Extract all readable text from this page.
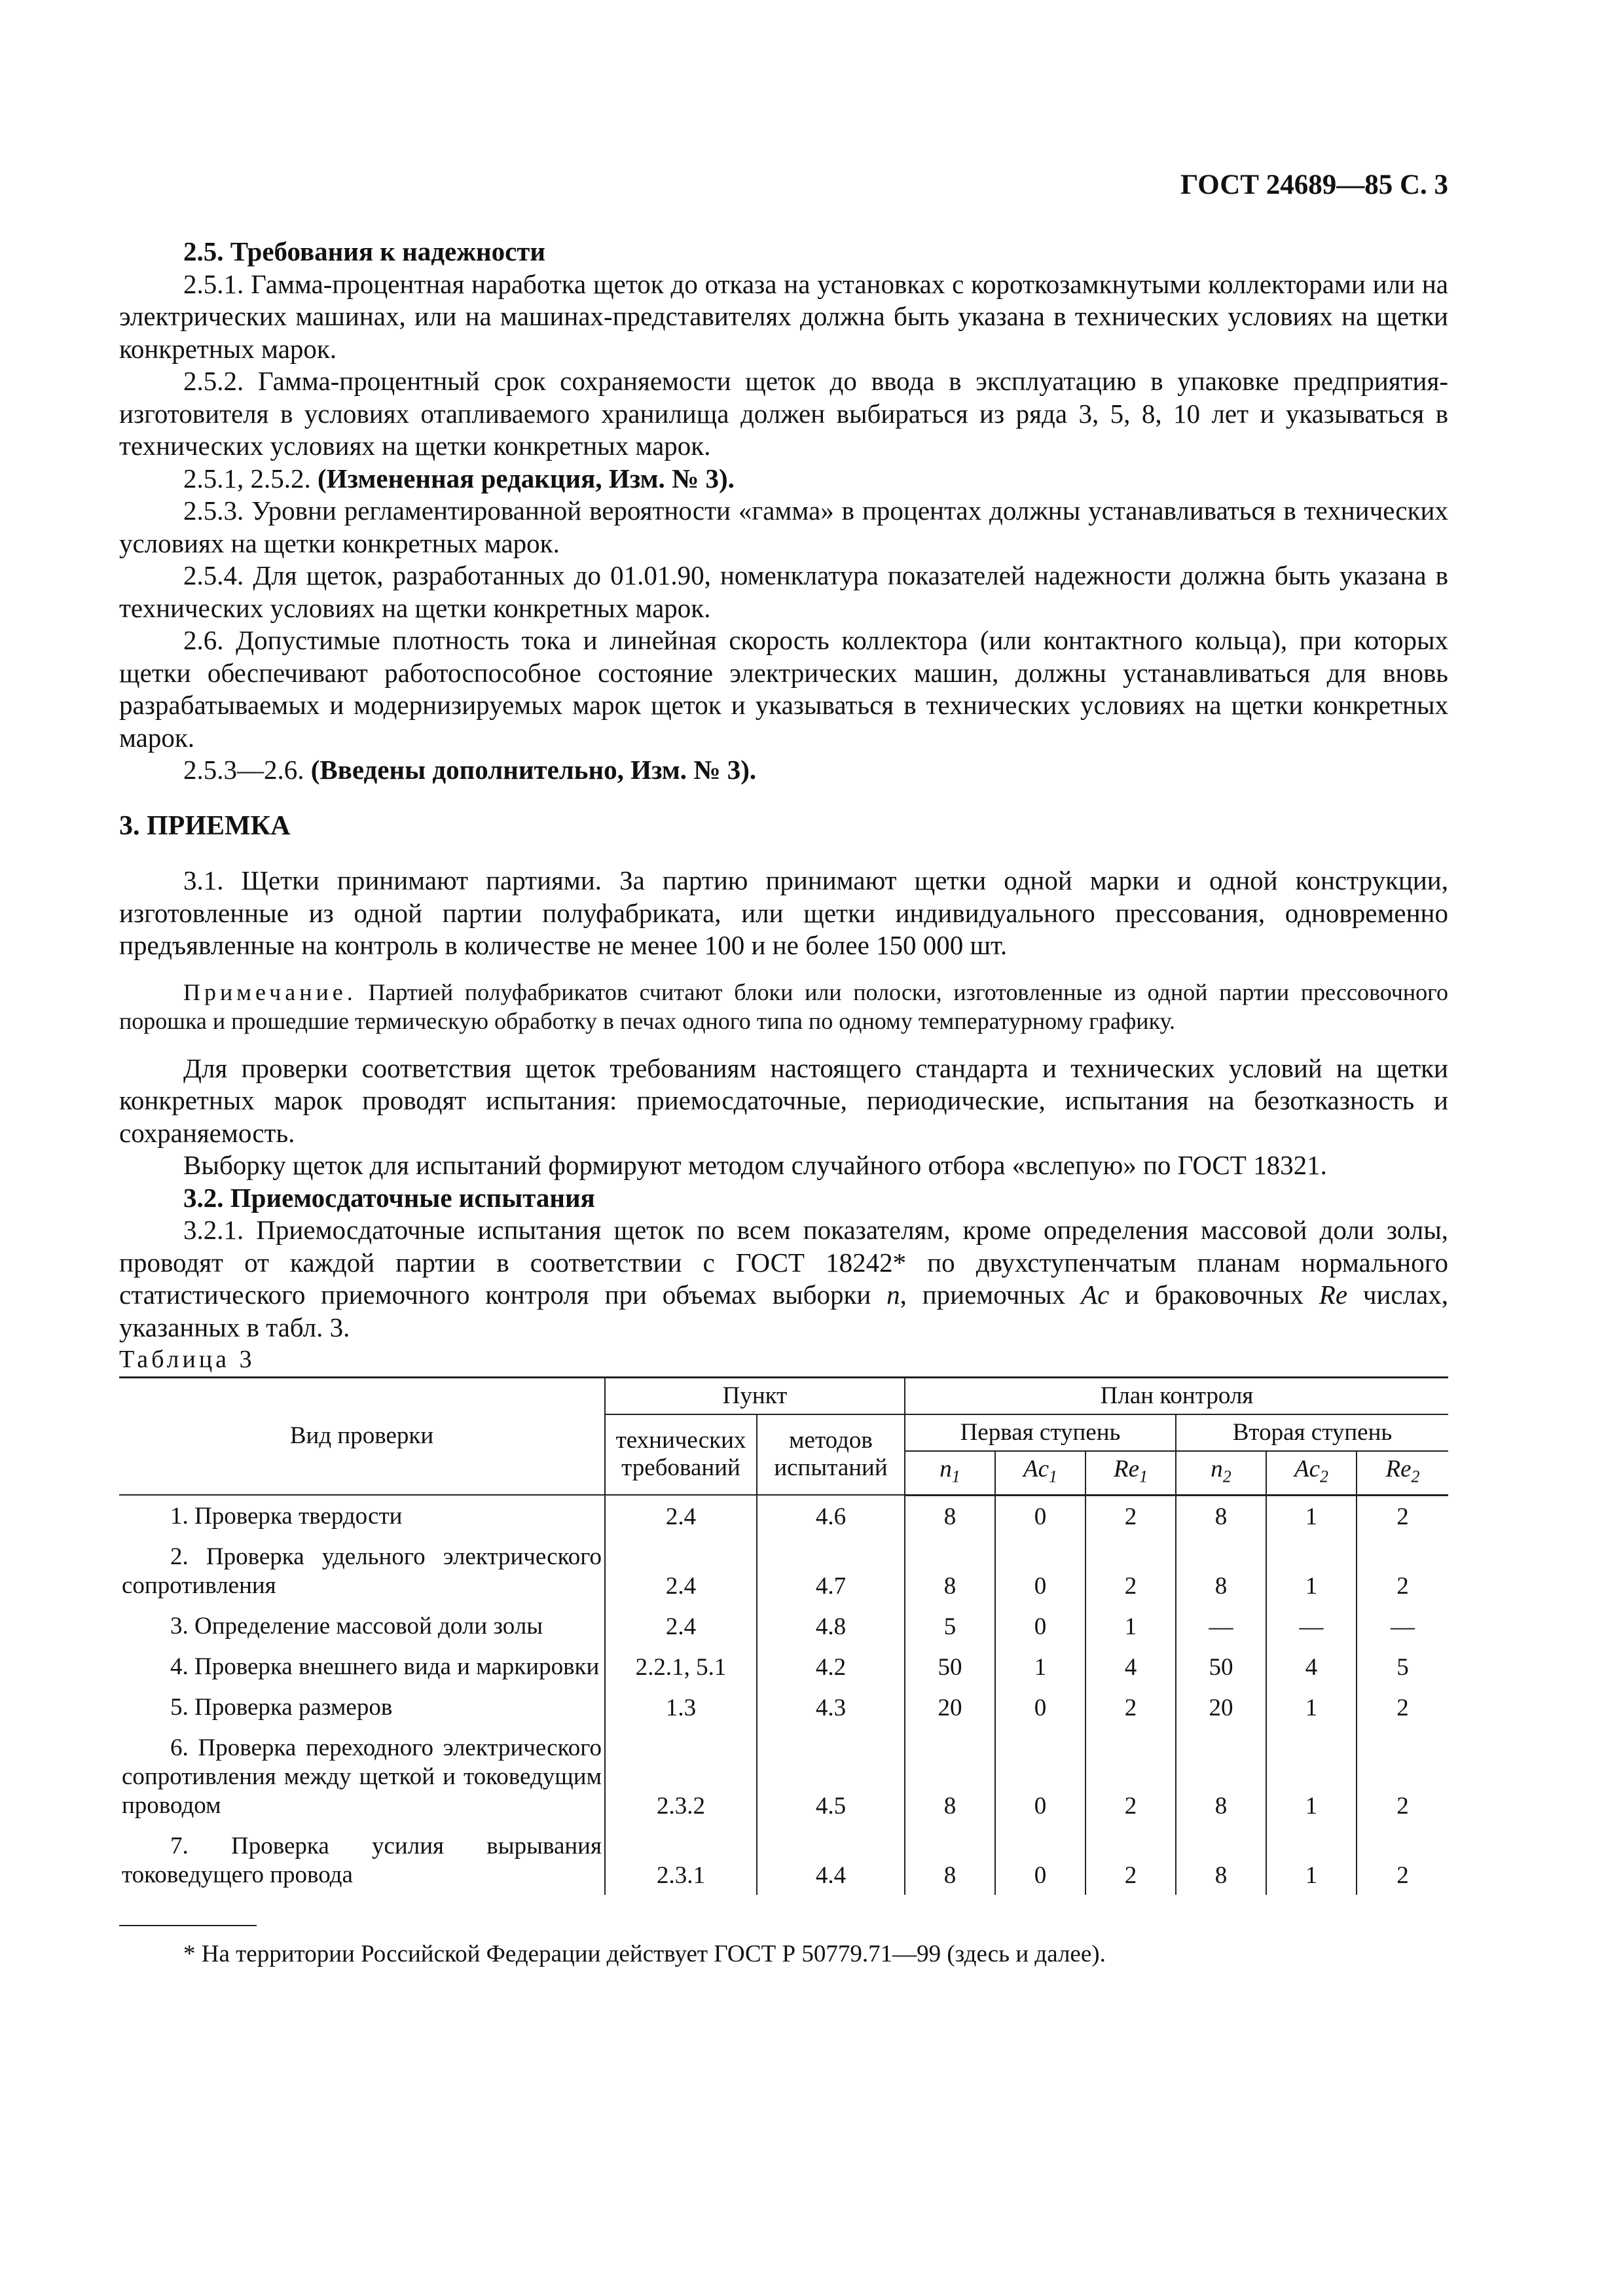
ГОСТ 24689—85 С. 3

2.5. Требования к надежности

2.5.1. Гамма-процентная наработка щеток до отказа на установках с короткозамкнутыми коллекторами или на электрических машинах, или на машинах-представителях должна быть указана в технических условиях на щетки конкретных марок.

2.5.2. Гамма-процентный срок сохраняемости щеток до ввода в эксплуатацию в упаковке предприятия-изготовителя в условиях отапливаемого хранилища должен выбираться из ряда 3, 5, 8, 10 лет и указываться в технических условиях на щетки конкретных марок.

2.5.1, 2.5.2. (Измененная редакция, Изм. № 3).

2.5.3. Уровни регламентированной вероятности «гамма» в процентах должны устанавливаться в технических условиях на щетки конкретных марок.

2.5.4. Для щеток, разработанных до 01.01.90, номенклатура показателей надежности должна быть указана в технических условиях на щетки конкретных марок.

2.6. Допустимые плотность тока и линейная скорость коллектора (или контактного кольца), при которых щетки обеспечивают работоспособное состояние электрических машин, должны устанавливаться для вновь разрабатываемых и модернизируемых марок щеток и указываться в технических условиях на щетки конкретных марок.

2.5.3—2.6. (Введены дополнительно, Изм. № 3).

3. ПРИЕМКА

3.1. Щетки принимают партиями. За партию принимают щетки одной марки и одной конструкции, изготовленные из одной партии полуфабриката, или щетки индивидуального прессования, одновременно предъявленные на контроль в количестве не менее 100 и не более 150 000 шт.

Примечание. Партией полуфабрикатов считают блоки или полоски, изготовленные из одной партии прессовочного порошка и прошедшие термическую обработку в печах одного типа по одному температурному графику.

Для проверки соответствия щеток требованиям настоящего стандарта и технических условий на щетки конкретных марок проводят испытания: приемосдаточные, периодические, испытания на безотказность и сохраняемость.

Выборку щеток для испытаний формируют методом случайного отбора «вслепую» по ГОСТ 18321.

3.2. Приемосдаточные испытания

3.2.1. Приемосдаточные испытания щеток по всем показателям, кроме определения массовой доли золы, проводят от каждой партии в соответствии с ГОСТ 18242* по двухступенчатым планам нормального статистического приемочного контроля при объемах выборки n, приемочных Ac и браковочных Re числах, указанных в табл. 3.

Таблица 3

Вид проверки	Пункт		План контроля					
	технических требований	методов испытаний	Первая ступень			Вторая ступень		
			$n_1$	$Ac_1$	$Re_1$	$n_2$	$Ac_2$	$Re_2$

1. Проверка твердости	2.4	4.6	8	0	2	8	1	2

2. Проверка удельного электрического сопротивления	2.4	4.7	8	0	2	8	1	2

3. Определение массовой доли золы	2.4	4.8	5	0	1	—	—	—

4. Проверка внешнего вида и маркировки	2.2.1, 5.1	4.2	50	1	4	50	4	5

5. Проверка размеров	1.3	4.3	20	0	2	20	1	2

6. Проверка переходного электрического сопротивления между щеткой и токоведущим проводом	2.3.2	4.5	8	0	2	8	1	2

7. Проверка усилия вырывания токоведущего провода	2.3.1	4.4	8	0	2	8	1	2
* На территории Российской Федерации действует ГОСТ Р 50779.71—99 (здесь и далее).
